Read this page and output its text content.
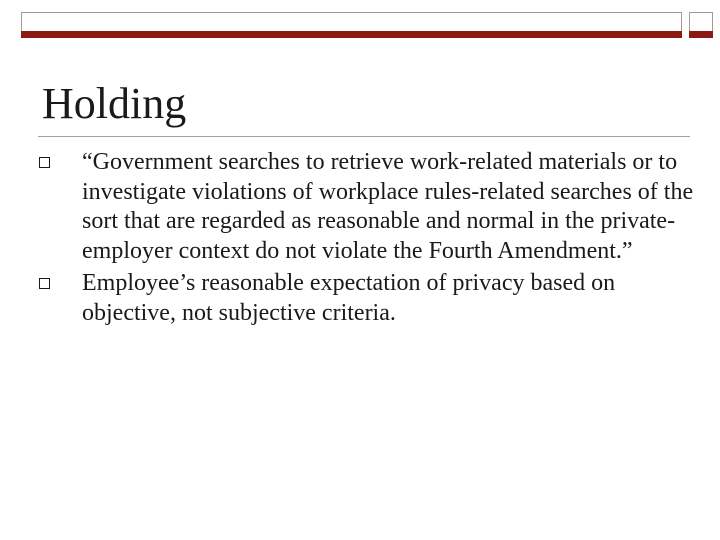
Holding
“Government searches to retrieve work-related materials or to investigate violations of workplace rules-related searches of the sort that are regarded as reasonable and normal in the private-employer context do not violate the Fourth Amendment.”
Employee’s reasonable expectation of privacy based on objective, not subjective criteria.
